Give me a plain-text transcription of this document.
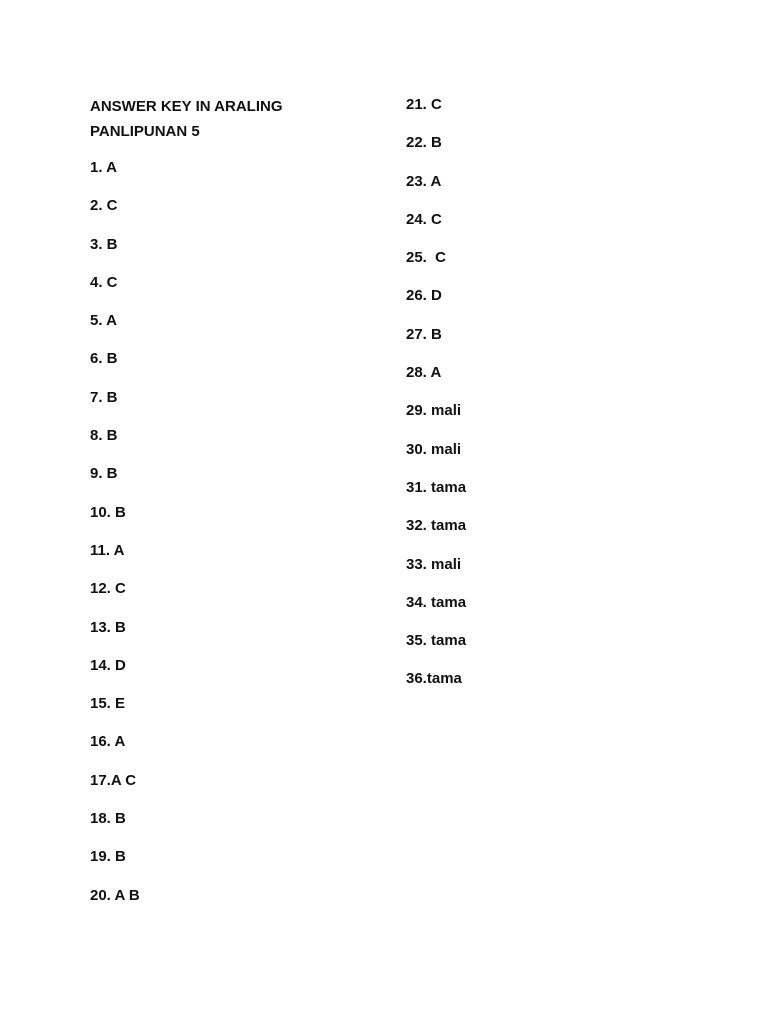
ANSWER KEY IN ARALING
PANLIPUNAN 5

1. A

2. C

3. B

4. C

5. A

6. B

7. B

8. B

9. B

10. B

11. A

12. C

13. B

14. D

15. E

16. A

17.A C

18. B

19. B

20. A B

21. C

22. B

23. A

24. C

25.  C

26. D

27. B

28. A

29. mali

30. mali

31. tama

32. tama

33. mali

34. tama

35. tama

36.tama
